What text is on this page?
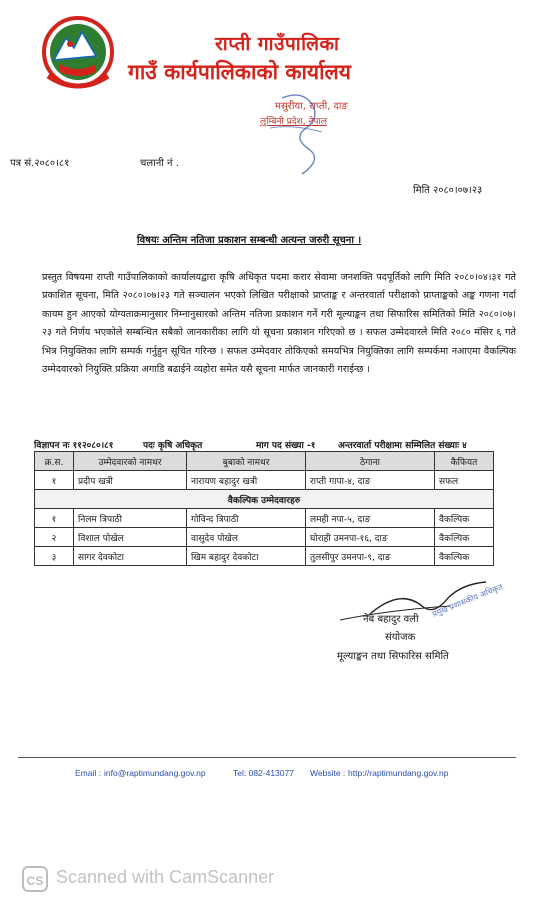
राप्ती गाउँपालिका
गाउँ कार्यपालिकाको कार्यालय
मसुरीया, राप्ती, दाङ
लुम्बिनी प्रदेश, नेपाल
पत्र सं.२०८०।८१	चलानी नं .
मिति २०८०।०७।२३
विषयः अन्तिम नतिजा प्रकाशन सम्बन्धी अत्यन्त जरुरी सूचना ।
प्रस्तुत विषयमा राप्ती गाउँपालिकाको कार्यालयद्वारा कृषि अधिकृत पदमा करार सेवामा जनशक्ति पदपूर्तिको लागि मिति २०८०।०४।३१ गते प्रकाशित सूचना, मिति २०८०।०७।२३ गते सञ्चालन भएको लिखित परीक्षाको प्राप्ताङ्क र अन्तरवार्ता परीक्षाको प्राप्ताङ्कको अङ्क गणना गर्दा कायम हुन आएको योग्यताक्रमानुसार निम्नानुसारको अन्तिम नतिजा प्रकाशन गर्ने गरी मूल्याङ्कन तथा सिफारिस समितिको मिति २०८०।०७।२३ गते निर्णय भएकोले सम्बन्धित सबैको जानकारीका लागि यो सूचना प्रकाशन गरिएको छ । सफल उम्मेदवारले मिति २०८० मंसिर ६ गते भित्र नियुक्तिका लागि सम्पर्क गर्नुहुन सूचित गरिन्छ । सफल उम्मेदवार तोकिएको समयभित्र नियुक्तिका लागि सम्पर्कमा नआएमा वैकल्पिक उम्मेदवारको नियुक्ति प्रक्रिया अगाडि बढाईने व्यहोरा समेत यसै सूचना मार्फत जानकारी गराईन्छ ।
विज्ञापन नः ११२०८०।८१	पदः कृषि अधिकृत	माग पद संख्या -१	अन्तरवार्ता परीक्षामा सम्मिलित संख्याः ४
क्र.स.	उम्मेदवारको नामथर	बुबाको नामथर	ठेगाना	कैफियत
१	प्रदीप खत्री	नारायण बहादुर खत्री	राप्ती गापा-४, दाङ	सफल
वैकल्पिक उम्मेदवारहरु				
१	निलम त्रिपाठी	गोविन्द त्रिपाठी	लमही नपा-५, दाङ	वैकल्पिक
२	विशाल पोखेल	वासुदेव पोखेल	घोराही उमनपा-१६, दाङ	वैकल्पिक
३	सागर देवकोटा	खिम बहादुर देवकोटा	तुलसीपुर उमनपा-९, दाङ	वैकल्पिक
प्रमुख प्रशासकीय अधिकृत
नेब बहादुर वली
संयोजक
मूल्याङ्कन तथा सिफारिस समिति
Email : info@raptimundang.gov.np	Tel: 082-413077 Website : http://raptimundang.gov.np
CS Scanned with CamScanner
